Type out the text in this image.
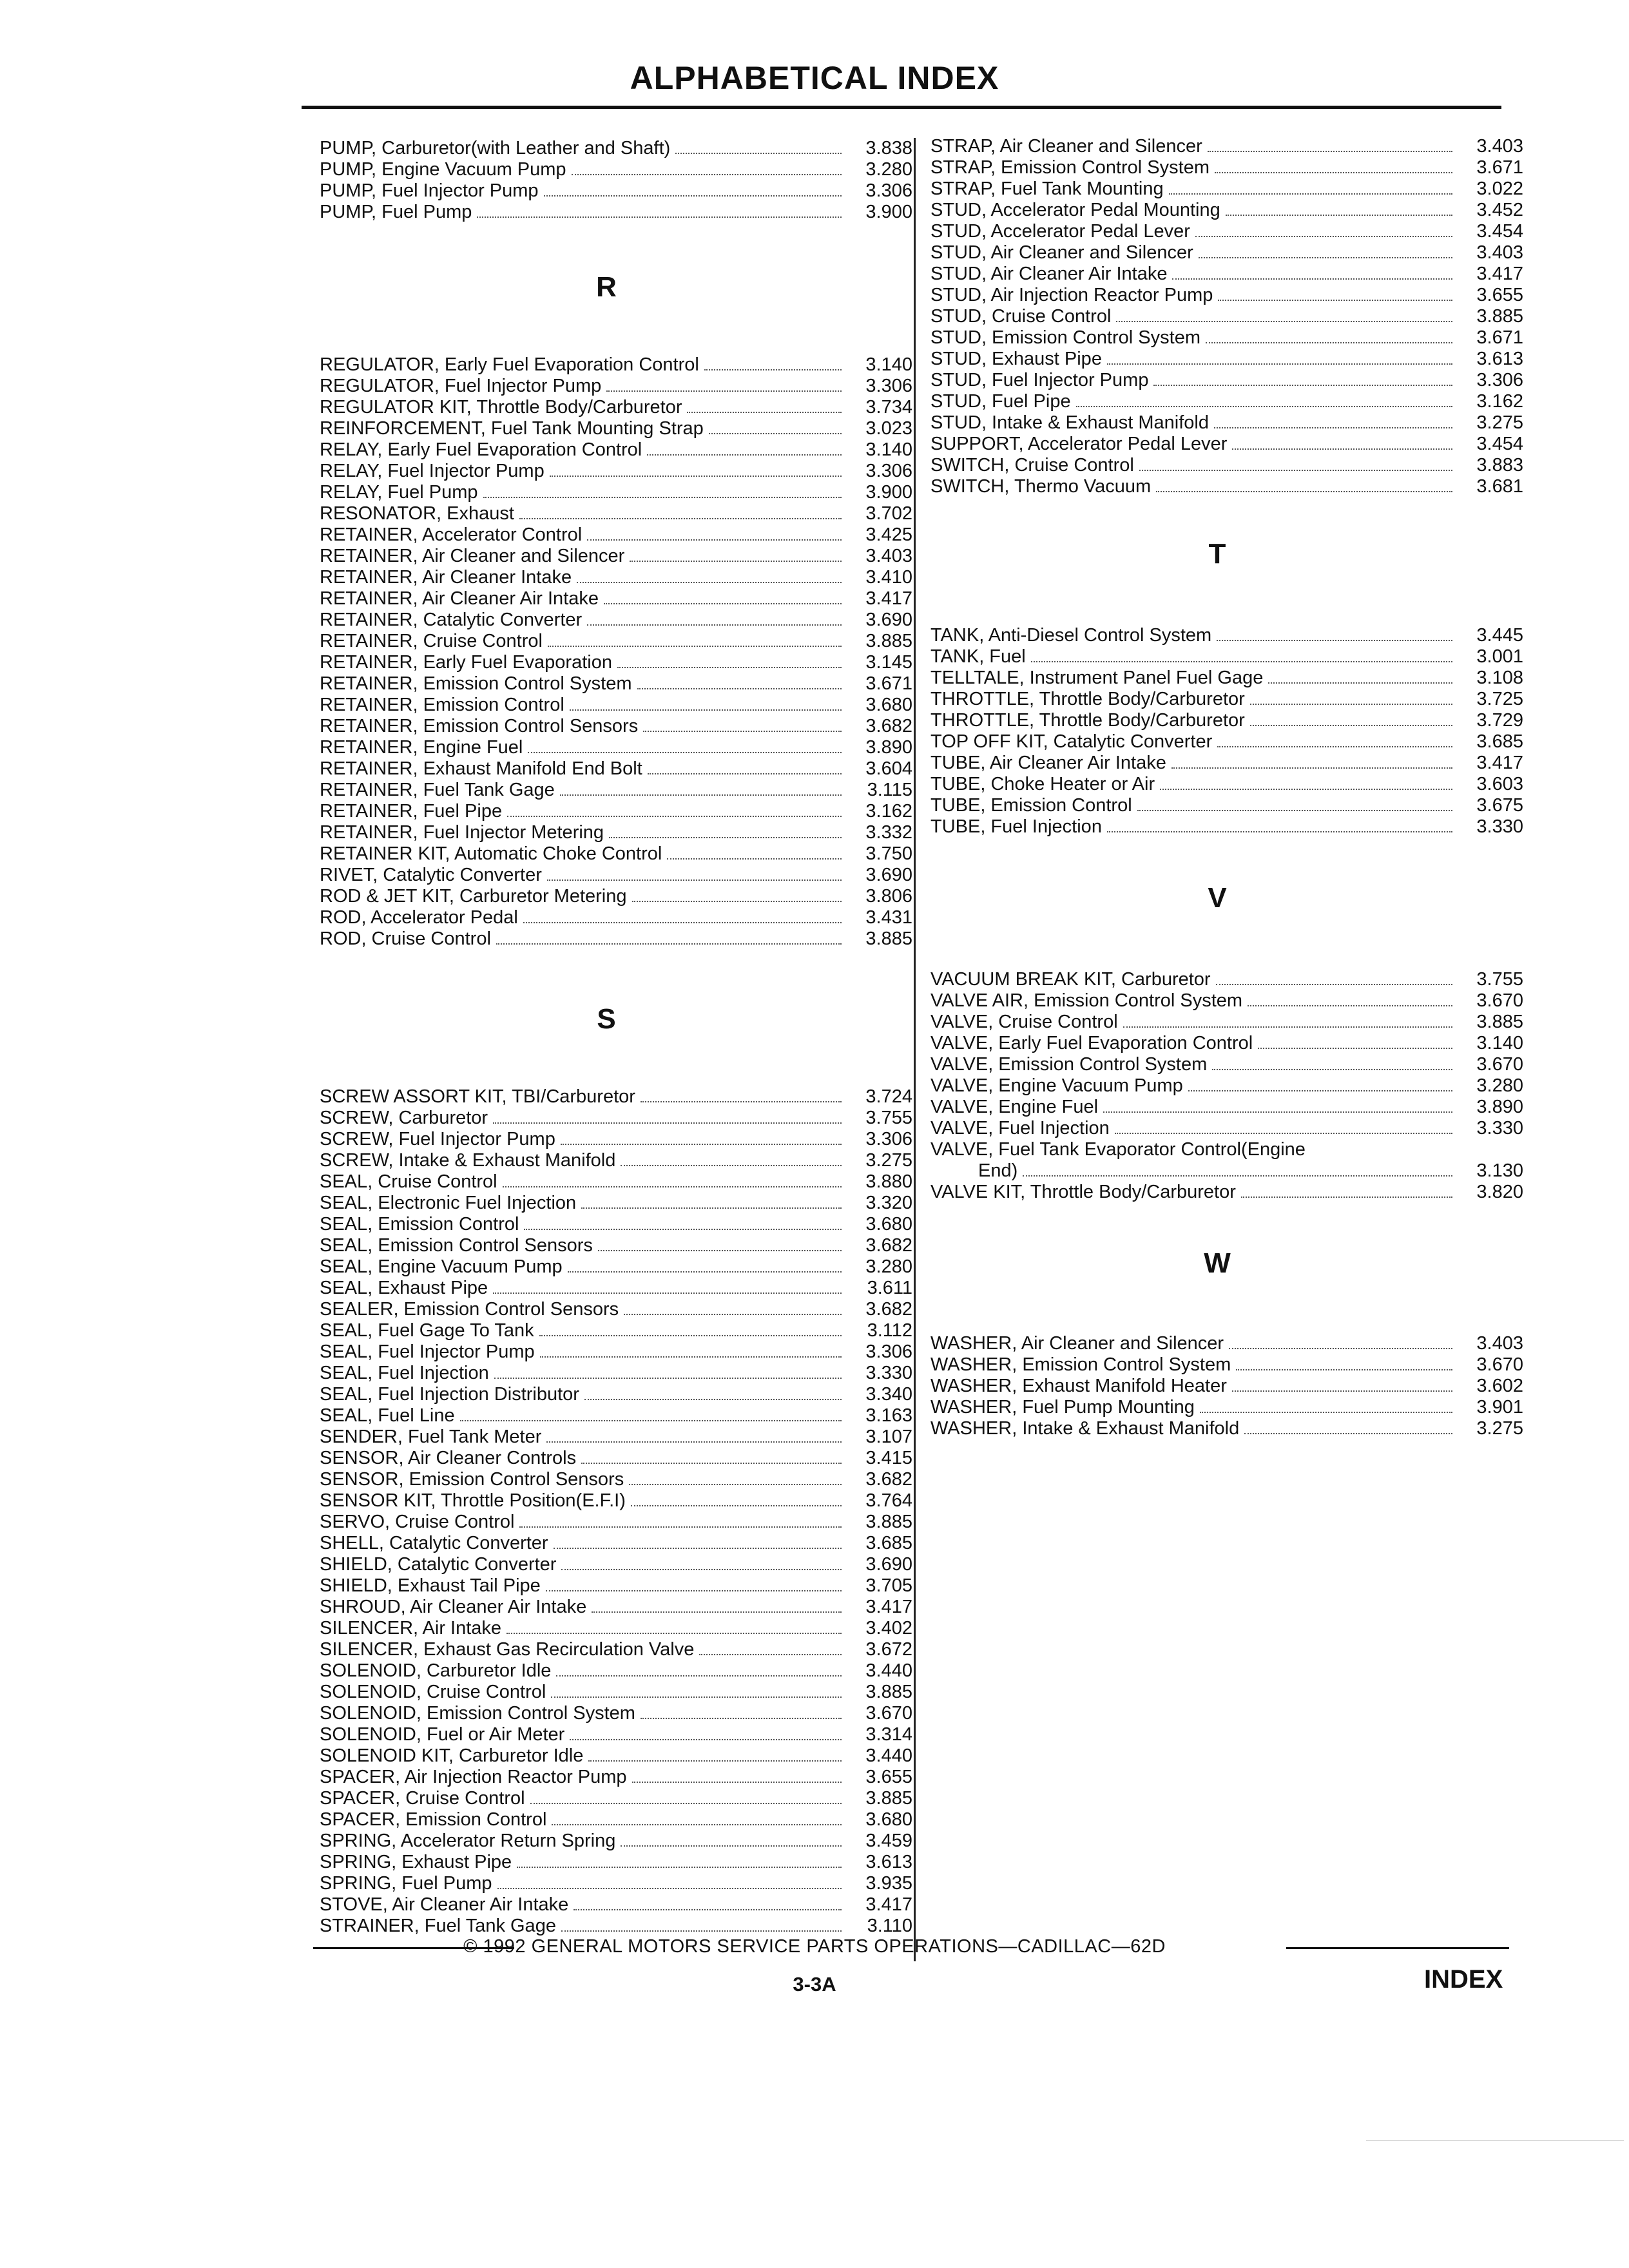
ALPHABETICAL INDEX
PUMP, Carburetor(with Leather and Shaft)	3.838
PUMP, Engine Vacuum Pump	3.280
PUMP, Fuel Injector Pump	3.306
PUMP, Fuel Pump	3.900
R
REGULATOR, Early Fuel Evaporation Control	3.140
REGULATOR, Fuel Injector Pump	3.306
REGULATOR KIT, Throttle Body/Carburetor	3.734
REINFORCEMENT, Fuel Tank Mounting Strap	3.023
RELAY, Early Fuel Evaporation Control	3.140
RELAY, Fuel Injector Pump	3.306
RELAY, Fuel Pump	3.900
RESONATOR, Exhaust	3.702
RETAINER, Accelerator Control	3.425
RETAINER, Air Cleaner and Silencer	3.403
RETAINER, Air Cleaner Intake	3.410
RETAINER, Air Cleaner Air Intake	3.417
RETAINER, Catalytic Converter	3.690
RETAINER, Cruise Control	3.885
RETAINER, Early Fuel Evaporation	3.145
RETAINER, Emission Control System	3.671
RETAINER, Emission Control	3.680
RETAINER, Emission Control Sensors	3.682
RETAINER, Engine Fuel	3.890
RETAINER, Exhaust Manifold End Bolt	3.604
RETAINER, Fuel Tank Gage	3.115
RETAINER, Fuel Pipe	3.162
RETAINER, Fuel Injector Metering	3.332
RETAINER KIT, Automatic Choke Control	3.750
RIVET, Catalytic Converter	3.690
ROD & JET KIT, Carburetor Metering	3.806
ROD, Accelerator Pedal	3.431
ROD, Cruise Control	3.885
S
SCREW ASSORT KIT, TBI/Carburetor	3.724
SCREW, Carburetor	3.755
SCREW, Fuel Injector Pump	3.306
SCREW, Intake & Exhaust Manifold	3.275
SEAL, Cruise Control	3.880
SEAL, Electronic Fuel Injection	3.320
SEAL, Emission Control	3.680
SEAL, Emission Control Sensors	3.682
SEAL, Engine Vacuum Pump	3.280
SEAL, Exhaust Pipe	3.611
SEALER, Emission Control Sensors	3.682
SEAL, Fuel Gage To Tank	3.112
SEAL, Fuel Injector Pump	3.306
SEAL, Fuel Injection	3.330
SEAL, Fuel Injection Distributor	3.340
SEAL, Fuel Line	3.163
SENDER, Fuel Tank Meter	3.107
SENSOR, Air Cleaner Controls	3.415
SENSOR, Emission Control Sensors	3.682
SENSOR KIT, Throttle Position(E.F.I)	3.764
SERVO, Cruise Control	3.885
SHELL, Catalytic Converter	3.685
SHIELD, Catalytic Converter	3.690
SHIELD, Exhaust Tail Pipe	3.705
SHROUD, Air Cleaner Air Intake	3.417
SILENCER, Air Intake	3.402
SILENCER, Exhaust Gas Recirculation Valve	3.672
SOLENOID, Carburetor Idle	3.440
SOLENOID, Cruise Control	3.885
SOLENOID, Emission Control System	3.670
SOLENOID, Fuel or Air Meter	3.314
SOLENOID KIT, Carburetor Idle	3.440
SPACER, Air Injection Reactor Pump	3.655
SPACER, Cruise Control	3.885
SPACER, Emission Control	3.680
SPRING, Accelerator Return Spring	3.459
SPRING, Exhaust Pipe	3.613
SPRING, Fuel Pump	3.935
STOVE, Air Cleaner Air Intake	3.417
STRAINER, Fuel Tank Gage	3.110
STRAP, Air Cleaner and Silencer	3.403
STRAP, Emission Control System	3.671
STRAP, Fuel Tank Mounting	3.022
STUD, Accelerator Pedal Mounting	3.452
STUD, Accelerator Pedal Lever	3.454
STUD, Air Cleaner and Silencer	3.403
STUD, Air Cleaner Air Intake	3.417
STUD, Air Injection Reactor Pump	3.655
STUD, Cruise Control	3.885
STUD, Emission Control System	3.671
STUD, Exhaust Pipe	3.613
STUD, Fuel Injector Pump	3.306
STUD, Fuel Pipe	3.162
STUD, Intake & Exhaust Manifold	3.275
SUPPORT, Accelerator Pedal Lever	3.454
SWITCH, Cruise Control	3.883
SWITCH, Thermo Vacuum	3.681
T
TANK, Anti-Diesel Control System	3.445
TANK, Fuel	3.001
TELLTALE, Instrument Panel Fuel Gage	3.108
THROTTLE, Throttle Body/Carburetor	3.725
THROTTLE, Throttle Body/Carburetor	3.729
TOP OFF KIT, Catalytic Converter	3.685
TUBE, Air Cleaner Air Intake	3.417
TUBE, Choke Heater or Air	3.603
TUBE, Emission Control	3.675
TUBE, Fuel Injection	3.330
V
VACUUM BREAK KIT, Carburetor	3.755
VALVE AIR, Emission Control System	3.670
VALVE, Cruise Control	3.885
VALVE, Early Fuel Evaporation Control	3.140
VALVE, Emission Control System	3.670
VALVE, Engine Vacuum Pump	3.280
VALVE, Engine Fuel	3.890
VALVE, Fuel Injection	3.330
VALVE, Fuel Tank Evaporator Control(Engine
End)	3.130
VALVE KIT, Throttle Body/Carburetor	3.820
W
WASHER, Air Cleaner and Silencer	3.403
WASHER, Emission Control System	3.670
WASHER, Exhaust Manifold Heater	3.602
WASHER, Fuel Pump Mounting	3.901
WASHER, Intake & Exhaust Manifold	3.275
© 1992 GENERAL MOTORS SERVICE PARTS OPERATIONS—CADILLAC—62D
3-3A	INDEX
